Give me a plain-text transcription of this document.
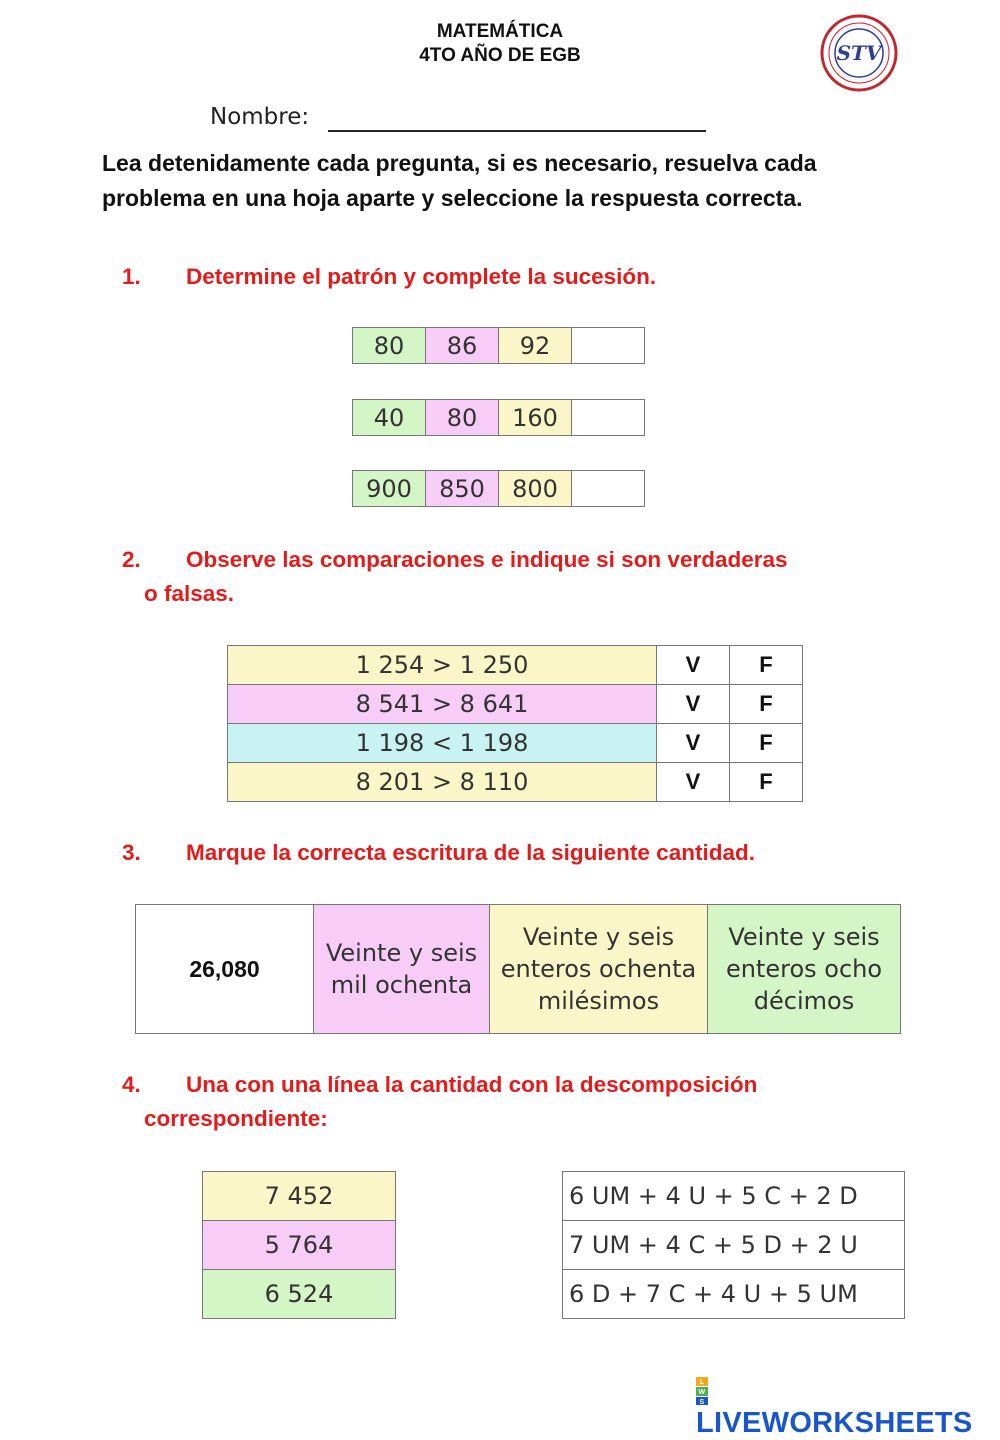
MATEMÁTICA
4TO AÑO DE EGB	STV
Nombre:
Lea detenidamente cada pregunta, si es necesario, resuelva cada problema en una hoja aparte y seleccione la respuesta correcta.
1. Determine el patrón y complete la sucesión.
80	86	92	
40	80	160	
900	850	800	
2. Observe las comparaciones e indique si son verdaderas
o falsas.
1 254 > 1 250	V	F
8 541 > 8 641	V	F
1 198 < 1 198	V	F
8 201 > 8 110	V	F
3. Marque la correcta escritura de la siguiente cantidad.
26,080	Veinte y seis mil ochenta	Veinte y seis enteros ochenta milésimos	Veinte y seis enteros ocho décimos
4. Una con una línea la cantidad con la descomposición
correspondiente:
7 452
5 764
6 524
6 UM + 4 U + 5 C + 2 D
7 UM + 4 C + 5 D + 2 U
6 D + 7 C + 4 U + 5 UM
L
W
S
LIVEWORKSHEETS
